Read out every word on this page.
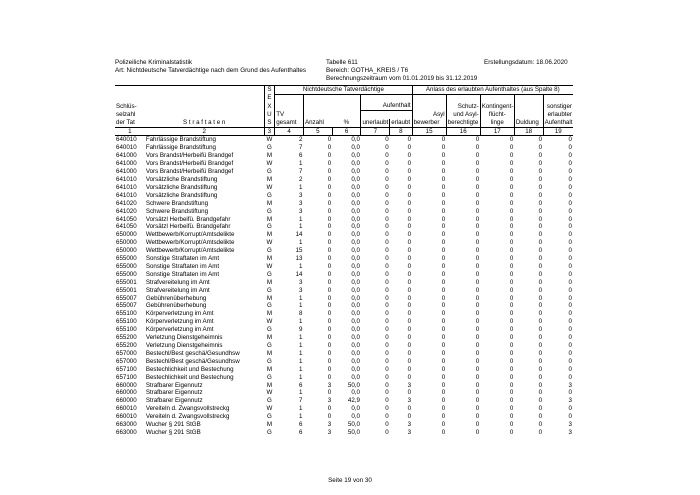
Polizeiliche Kriminalstatistik
Art: Nichtdeutsche Tatverdächtige nach dem Grund des Aufenthaltes
Tabelle 611
Bereich: GOTHA_KREIS / T6
Berechnungszeitraum vom 01.01.2019 bis 31.12.2019
Erstellungsdatum: 18.06.2020
		S	Nichtdeutsche Tatverdächtige					Anlass des erlaubten Aufenthaltes (aus Spalte 8)				
		E										
Schlüs-		X				Aufenthalt			Schutz-	Kontingent-		sonstiger
selzahl		U	TV					Asyl	und Asyl-	flücht-		erlaubter
der Tat	S t r a f t a t e n	S	gesamt	Anzahl	%	unerlaubt	erlaubt	bewerber	berechtigte	linge	Duldung	Aufenthalt
1	2	3	4	5	6	7	8	15	16	17	18	19
640010	Fahrlässige Brandstiftung	W	2	0	0,0	0	0	0	0	0	0	0
640010	Fahrlässige Brandstiftung	G	7	0	0,0	0	0	0	0	0	0	0
641000	Vors Brandst/Herbeifü Brandgef	M	6	0	0,0	0	0	0	0	0	0	0
641000	Vors Brandst/Herbeifü Brandgef	W	1	0	0,0	0	0	0	0	0	0	0
641000	Vors Brandst/Herbeifü Brandgef	G	7	0	0,0	0	0	0	0	0	0	0
641010	Vorsätzliche Brandstiftung	M	2	0	0,0	0	0	0	0	0	0	0
641010	Vorsätzliche Brandstiftung	W	1	0	0,0	0	0	0	0	0	0	0
641010	Vorsätzliche Brandstiftung	G	3	0	0,0	0	0	0	0	0	0	0
641020	Schwere Brandstiftung	M	3	0	0,0	0	0	0	0	0	0	0
641020	Schwere Brandstiftung	G	3	0	0,0	0	0	0	0	0	0	0
641050	Vorsätzl Herbeifü. Brandgefahr	M	1	0	0,0	0	0	0	0	0	0	0
641050	Vorsätzl Herbeifü. Brandgefahr	G	1	0	0,0	0	0	0	0	0	0	0
650000	Wettbewerb/Korrupt/Amtsdelikte	M	14	0	0,0	0	0	0	0	0	0	0
650000	Wettbewerb/Korrupt/Amtsdelikte	W	1	0	0,0	0	0	0	0	0	0	0
650000	Wettbewerb/Korrupt/Amtsdelikte	G	15	0	0,0	0	0	0	0	0	0	0
655000	Sonstige Straftaten im Amt	M	13	0	0,0	0	0	0	0	0	0	0
655000	Sonstige Straftaten im Amt	W	1	0	0,0	0	0	0	0	0	0	0
655000	Sonstige Straftaten im Amt	G	14	0	0,0	0	0	0	0	0	0	0
655001	Strafvereitelung im Amt	M	3	0	0,0	0	0	0	0	0	0	0
655001	Strafvereitelung im Amt	G	3	0	0,0	0	0	0	0	0	0	0
655007	Gebührenüberhebung	M	1	0	0,0	0	0	0	0	0	0	0
655007	Gebührenüberhebung	G	1	0	0,0	0	0	0	0	0	0	0
655100	Körperverletzung im Amt	M	8	0	0,0	0	0	0	0	0	0	0
655100	Körperverletzung im Amt	W	1	0	0,0	0	0	0	0	0	0	0
655100	Körperverletzung im Amt	G	9	0	0,0	0	0	0	0	0	0	0
655200	Verletzung Dienstgeheimnis	M	1	0	0,0	0	0	0	0	0	0	0
655200	Verletzung Dienstgeheimnis	G	1	0	0,0	0	0	0	0	0	0	0
657000	Bestechl/Best geschä/Gesundhsw	M	1	0	0,0	0	0	0	0	0	0	0
657000	Bestechl/Best geschä/Gesundhsw	G	1	0	0,0	0	0	0	0	0	0	0
657100	Bestechlichkeit und Bestechung	M	1	0	0,0	0	0	0	0	0	0	0
657100	Bestechlichkeit und Bestechung	G	1	0	0,0	0	0	0	0	0	0	0
660000	Strafbarer Eigennutz	M	6	3	50,0	0	3	0	0	0	0	3
660000	Strafbarer Eigennutz	W	1	0	0,0	0	0	0	0	0	0	0
660000	Strafbarer Eigennutz	G	7	3	42,9	0	3	0	0	0	0	3
660010	Vereiteln d. Zwangsvollstreckg	W	1	0	0,0	0	0	0	0	0	0	0
660010	Vereiteln d. Zwangsvollstreckg	G	1	0	0,0	0	0	0	0	0	0	0
663000	Wucher § 291 StGB	M	6	3	50,0	0	3	0	0	0	0	3
663000	Wucher § 291 StGB	G	6	3	50,0	0	3	0	0	0	0	3
Seite 19 von 30
